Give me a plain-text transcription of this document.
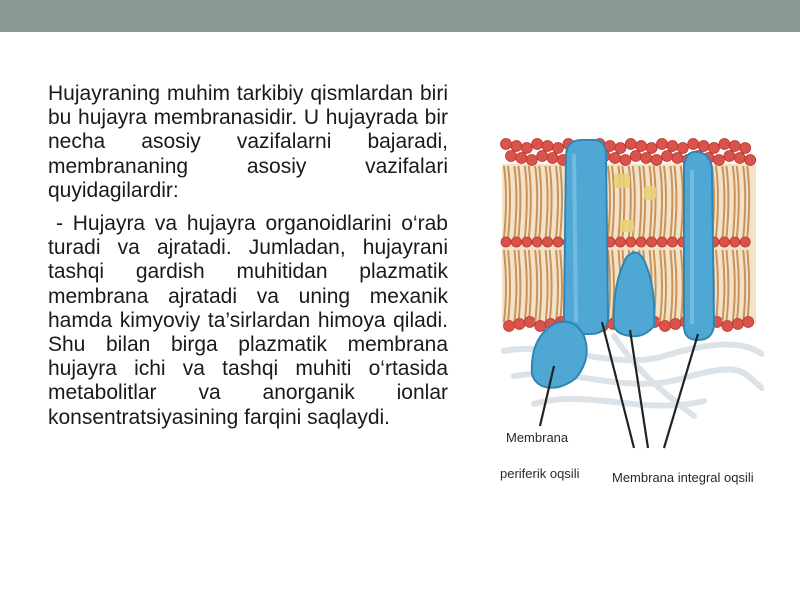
Hujayraning muhim tarkibiy qismlardan biri bu hujayra membranasidir. U hujayrada bir necha asosiy vazifalarni bajaradi, membrananing asosiy vazifalari quyidagilardir:

- Hujayra va hujayra organoidlarini o‘rab turadi va ajratadi. Jumladan, hujayrani tashqi gardish muhitidan plazmatik membrana ajratadi va uning mexanik hamda kimyoviy ta’sirlardan himoya qiladi. Shu bilan birga plazmatik membrana hujayra ichi va tashqi muhiti o‘rtasida metabolitlar va anorganik ionlar konsentratsiyasining farqini saqlaydi.

Membrana
periferik oqsili	Membrana integral oqsili
